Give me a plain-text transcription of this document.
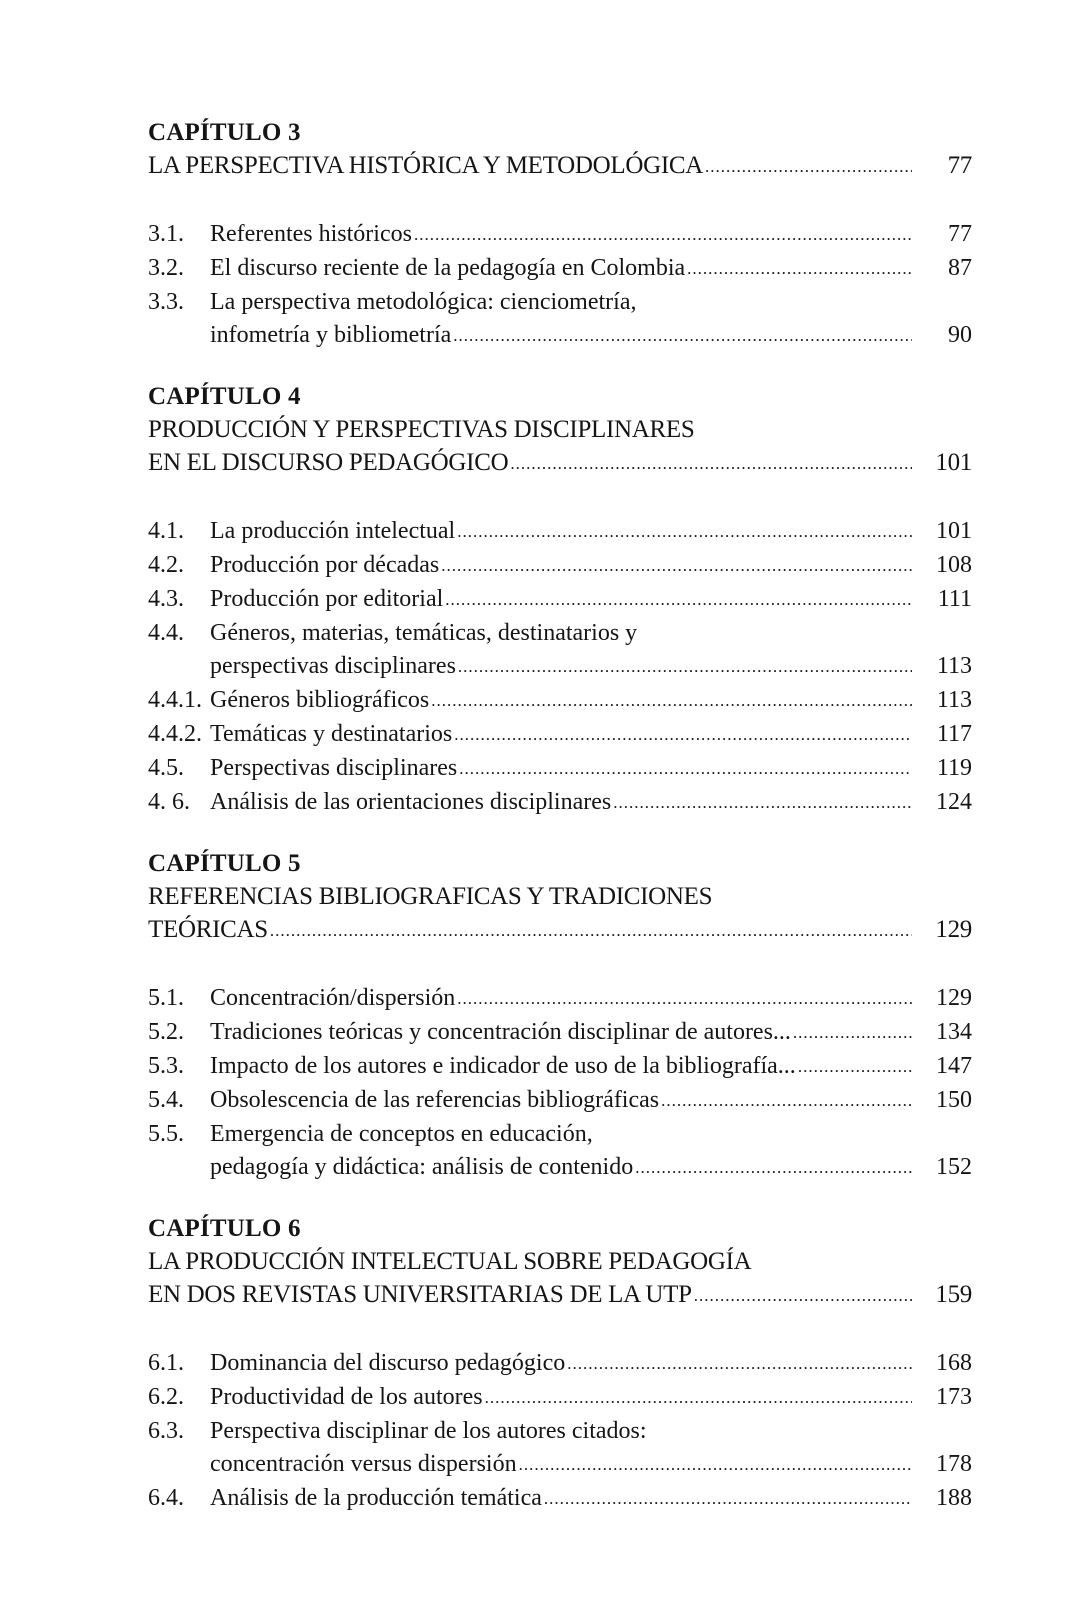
CAPÍTULO 3
LA PERSPECTIVA HISTÓRICA Y METODOLÓGICA .....	77
3.1.	Referentes históricos .....	77
3.2.	El discurso reciente de la pedagogía en Colombia .....	87
3.3.	La perspectiva metodológica: cienciometría,
infometría y bibliometría .....	90
CAPÍTULO 4
PRODUCCIÓN Y PERSPECTIVAS DISCIPLINARES
EN EL DISCURSO PEDAGÓGICO .....	101
4.1.	La producción intelectual .....	101
4.2.	Producción por décadas .....	108
4.3.	Producción por editorial .....	111
4.4.	Géneros, materias, temáticas, destinatarios y
perspectivas disciplinares .....	113
4.4.1. Géneros bibliográficos .....	113
4.4.2. Temáticas y destinatarios .....	117
4.5.	Perspectivas disciplinares .....	119
4. 6. Análisis de las orientaciones disciplinares .....	124
CAPÍTULO 5
REFERENCIAS BIBLIOGRAFICAS Y TRADICIONES
TEÓRICAS .....	129
5.1.	Concentración/dispersión .....	129
5.2.	Tradiciones teóricas y concentración disciplinar de autores... .....	134
5.3.	Impacto de los autores e indicador de uso de la bibliografía... .....	147
5.4.	Obsolescencia de las referencias bibliográficas .....	150
5.5.	Emergencia de conceptos en educación,
pedagogía y didáctica: análisis de contenido .....	152
CAPÍTULO 6
LA PRODUCCIÓN INTELECTUAL SOBRE PEDAGOGÍA
EN DOS REVISTAS UNIVERSITARIAS DE LA UTP .....	159
6.1.	Dominancia del discurso pedagógico .....	168
6.2.	Productividad de los autores .....	173
6.3.	Perspectiva disciplinar de los autores citados:
concentración versus dispersión .....	178
6.4.	Análisis de la producción temática .....	188
